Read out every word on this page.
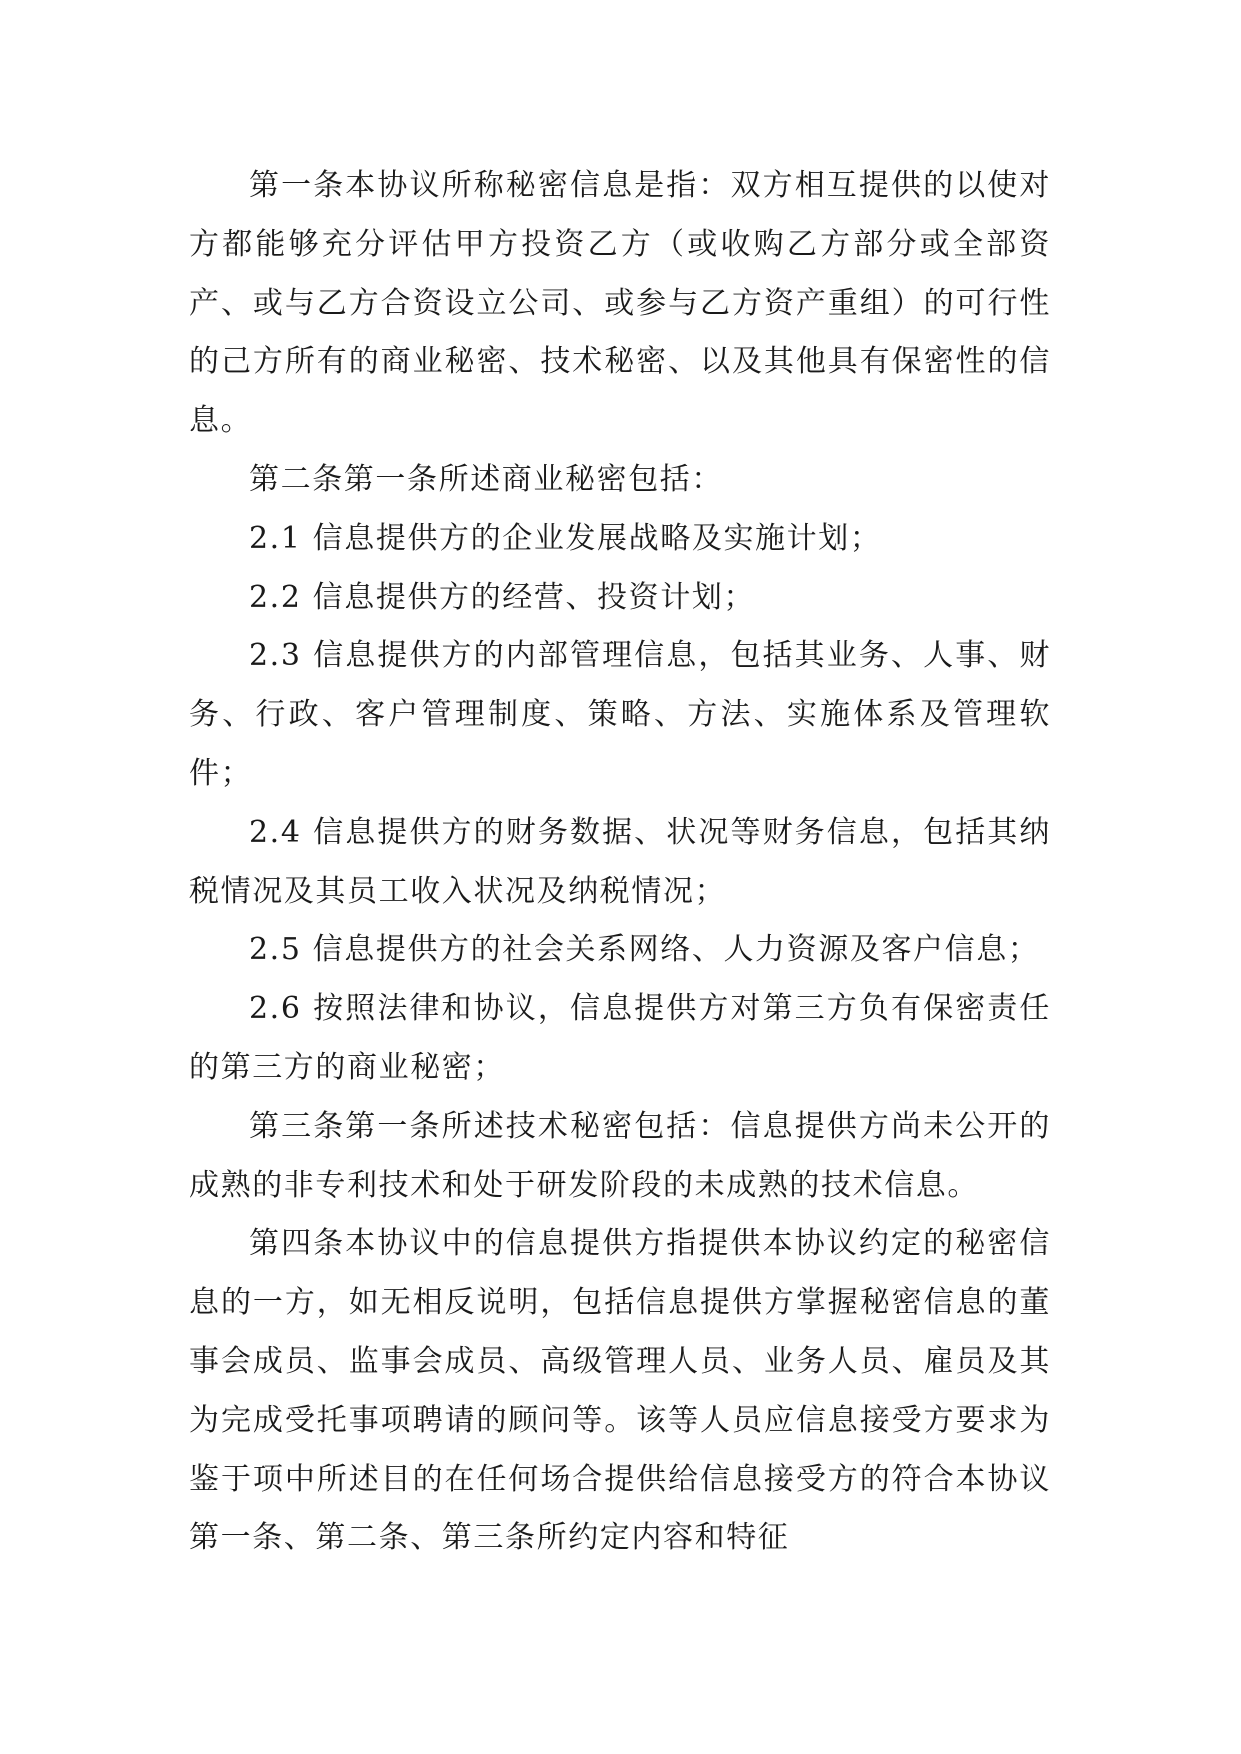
第一条本协议所称秘密信息是指：双方相互提供的以使对方都能够充分评估甲方投资乙方（或收购乙方部分或全部资产、或与乙方合资设立公司、或参与乙方资产重组）的可行性的己方所有的商业秘密、技术秘密、以及其他具有保密性的信息。

第二条第一条所述商业秘密包括：

2.1 信息提供方的企业发展战略及实施计划；

2.2 信息提供方的经营、投资计划；

2.3 信息提供方的内部管理信息，包括其业务、人事、财务、行政、客户管理制度、策略、方法、实施体系及管理软件；

2.4 信息提供方的财务数据、状况等财务信息，包括其纳税情况及其员工收入状况及纳税情况；

2.5 信息提供方的社会关系网络、人力资源及客户信息；

2.6 按照法律和协议，信息提供方对第三方负有保密责任的第三方的商业秘密；

第三条第一条所述技术秘密包括：信息提供方尚未公开的成熟的非专利技术和处于研发阶段的未成熟的技术信息。

第四条本协议中的信息提供方指提供本协议约定的秘密信息的一方，如无相反说明，包括信息提供方掌握秘密信息的董事会成员、监事会成员、高级管理人员、业务人员、雇员及其为完成受托事项聘请的顾问等。该等人员应信息接受方要求为鉴于项中所述目的在任何场合提供给信息接受方的符合本协议第一条、第二条、第三条所约定内容和特征
